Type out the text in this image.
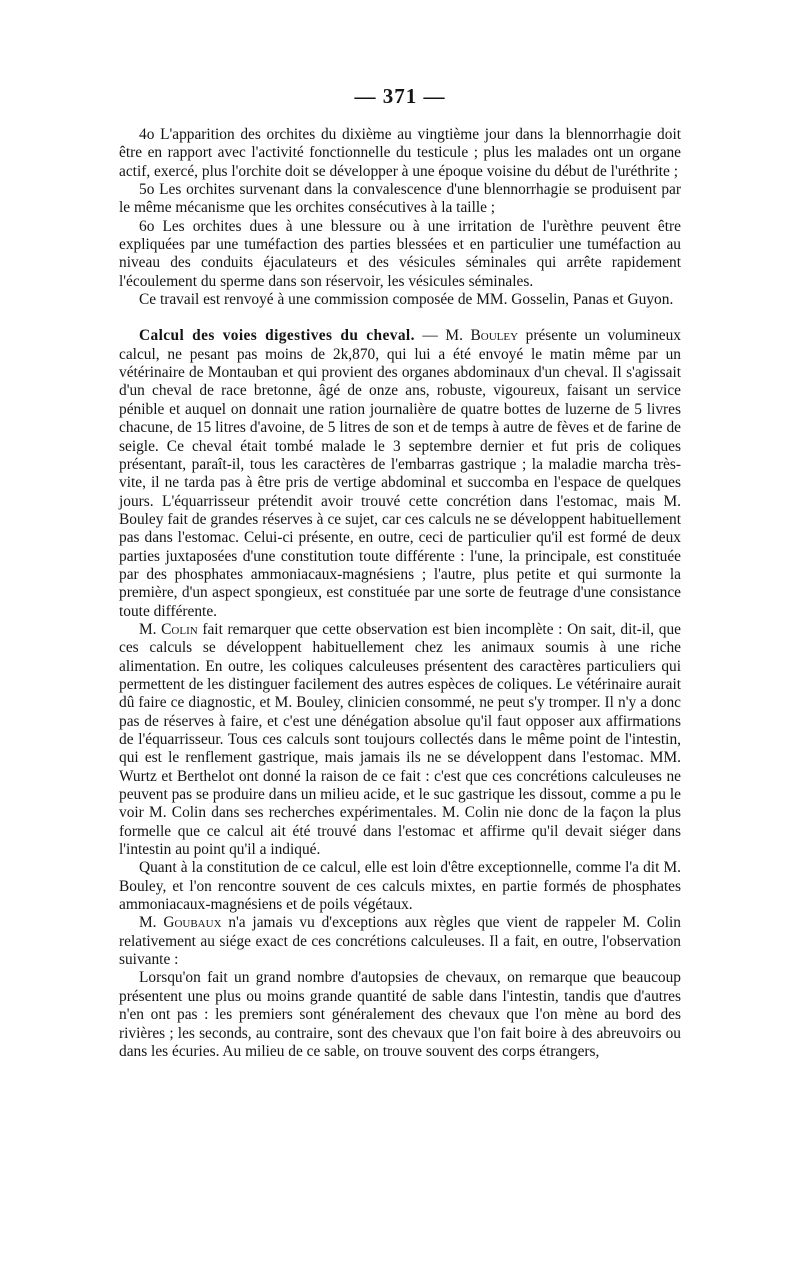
— 371 —

4o L'apparition des orchites du dixième au vingtième jour dans la blennorrhagie doit être en rapport avec l'activité fonctionnelle du testicule ; plus les malades ont un organe actif, exercé, plus l'orchite doit se développer à une époque voisine du début de l'uréthrite ;

5o Les orchites survenant dans la convalescence d'une blennorrhagie se produisent par le même mécanisme que les orchites consécutives à la taille ;

6o Les orchites dues à une blessure ou à une irritation de l'urèthre peuvent être expliquées par une tuméfaction des parties blessées et en particulier une tuméfaction au niveau des conduits éjaculateurs et des vésicules séminales qui arrête rapidement l'écoulement du sperme dans son réservoir, les vésicules séminales.

Ce travail est renvoyé à une commission composée de MM. Gosselin, Panas et Guyon.

Calcul des voies digestives du cheval. — M. Bouley présente un volumineux calcul, ne pesant pas moins de 2k,870, qui lui a été envoyé le matin même par un vétérinaire de Montauban et qui provient des organes abdominaux d'un cheval. Il s'agissait d'un cheval de race bretonne, âgé de onze ans, robuste, vigoureux, faisant un service pénible et auquel on donnait une ration journalière de quatre bottes de luzerne de 5 livres chacune, de 15 litres d'avoine, de 5 litres de son et de temps à autre de fèves et de farine de seigle. Ce cheval était tombé malade le 3 septembre dernier et fut pris de coliques présentant, paraît-il, tous les caractères de l'embarras gastrique ; la maladie marcha très-vite, il ne tarda pas à être pris de vertige abdominal et succomba en l'espace de quelques jours. L'équarrisseur prétendit avoir trouvé cette concrétion dans l'estomac, mais M. Bouley fait de grandes réserves à ce sujet, car ces calculs ne se développent habituellement pas dans l'estomac. Celui-ci présente, en outre, ceci de particulier qu'il est formé de deux parties juxtaposées d'une constitution toute différente : l'une, la principale, est constituée par des phosphates ammoniacaux-magnésiens ; l'autre, plus petite et qui surmonte la première, d'un aspect spongieux, est constituée par une sorte de feutrage d'une consistance toute différente.

M. Colin fait remarquer que cette observation est bien incomplète : On sait, dit-il, que ces calculs se développent habituellement chez les animaux soumis à une riche alimentation. En outre, les coliques calculeuses présentent des caractères particuliers qui permettent de les distinguer facilement des autres espèces de coliques. Le vétérinaire aurait dû faire ce diagnostic, et M. Bouley, clinicien consommé, ne peut s'y tromper. Il n'y a donc pas de réserves à faire, et c'est une dénégation absolue qu'il faut opposer aux affirmations de l'équarrisseur. Tous ces calculs sont toujours collectés dans le même point de l'intestin, qui est le renflement gastrique, mais jamais ils ne se développent dans l'estomac. MM. Wurtz et Berthelot ont donné la raison de ce fait : c'est que ces concrétions calculeuses ne peuvent pas se produire dans un milieu acide, et le suc gastrique les dissout, comme a pu le voir M. Colin dans ses recherches expérimentales. M. Colin nie donc de la façon la plus formelle que ce calcul ait été trouvé dans l'estomac et affirme qu'il devait siéger dans l'intestin au point qu'il a indiqué.

Quant à la constitution de ce calcul, elle est loin d'être exceptionnelle, comme l'a dit M. Bouley, et l'on rencontre souvent de ces calculs mixtes, en partie formés de phosphates ammoniacaux-magnésiens et de poils végétaux.

M. Goubaux n'a jamais vu d'exceptions aux règles que vient de rappeler M. Colin relativement au siége exact de ces concrétions calculeuses. Il a fait, en outre, l'observation suivante :

Lorsqu'on fait un grand nombre d'autopsies de chevaux, on remarque que beaucoup présentent une plus ou moins grande quantité de sable dans l'intestin, tandis que d'autres n'en ont pas : les premiers sont généralement des chevaux que l'on mène au bord des rivières ; les seconds, au contraire, sont des chevaux que l'on fait boire à des abreuvoirs ou dans les écuries. Au milieu de ce sable, on trouve souvent des corps étrangers,
